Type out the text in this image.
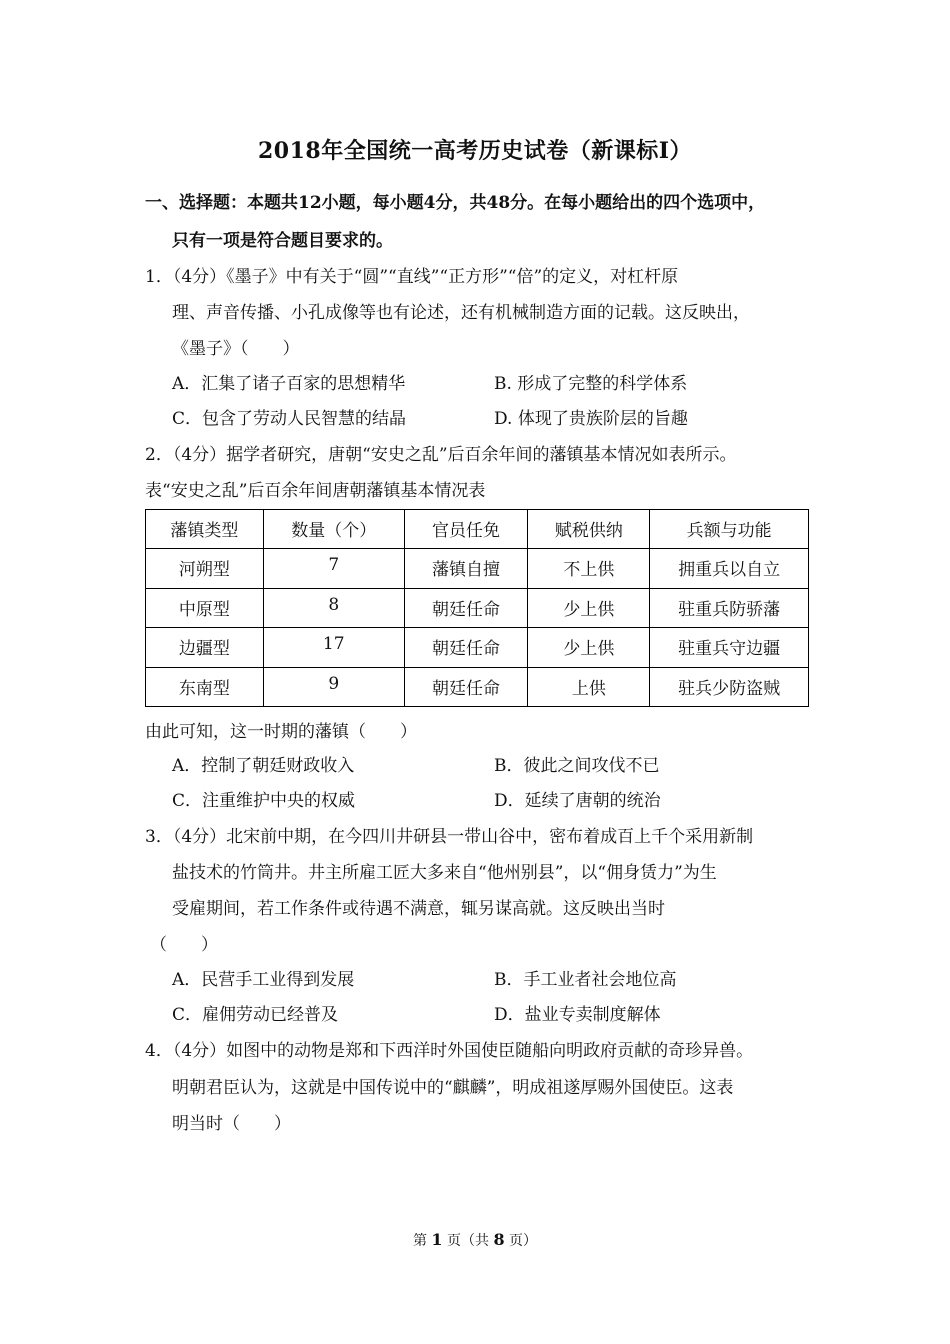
2018年全国统一高考历史试卷（新课标Ⅰ）
一、选择题：本题共12小题，每小题4分，共48分。在每小题给出的四个选项中，
只有一项是符合题目要求的。
1．（4分）《墨子》中有关于“圆”“直线”“正方形”“倍”的定义，对杠杆原
理、声音传播、小孔成像等也有论述，还有机械制造方面的记载。这反映出，
《墨子》（　　）
A．汇集了诸子百家的思想精华	B. 形成了完整的科学体系
C．包含了劳动人民智慧的结晶	D. 体现了贵族阶层的旨趣
2．（4分）据学者研究，唐朝“安史之乱”后百余年间的藩镇基本情况如表所示。
表“安史之乱”后百余年间唐朝藩镇基本情况表
藩镇类型	数量（个）	官员任免	赋税供纳	兵额与功能
河朔型	7	藩镇自擅	不上供	拥重兵以自立
中原型	8	朝廷任命	少上供	驻重兵防骄藩
边疆型	17	朝廷任命	少上供	驻重兵守边疆
东南型	9	朝廷任命	上供	驻兵少防盗贼
由此可知，这一时期的藩镇（　　）
A．控制了朝廷财政收入	B．彼此之间攻伐不已
C．注重维护中央的权威	D．延续了唐朝的统治
3．（4分）北宋前中期，在今四川井研县一带山谷中，密布着成百上千个采用新制
盐技术的竹筒井。井主所雇工匠大多来自“他州别县”，以“佣身赁力”为生
受雇期间，若工作条件或待遇不满意，辄另谋高就。这反映出当时
（　　）
A．民营手工业得到发展	B．手工业者社会地位高
C．雇佣劳动已经普及	D．盐业专卖制度解体
4．（4分）如图中的动物是郑和下西洋时外国使臣随船向明政府贡献的奇珍异兽。
明朝君臣认为，这就是中国传说中的“麒麟”，明成祖遂厚赐外国使臣。这表
明当时（　　）
第 1 页（共 8 页）
